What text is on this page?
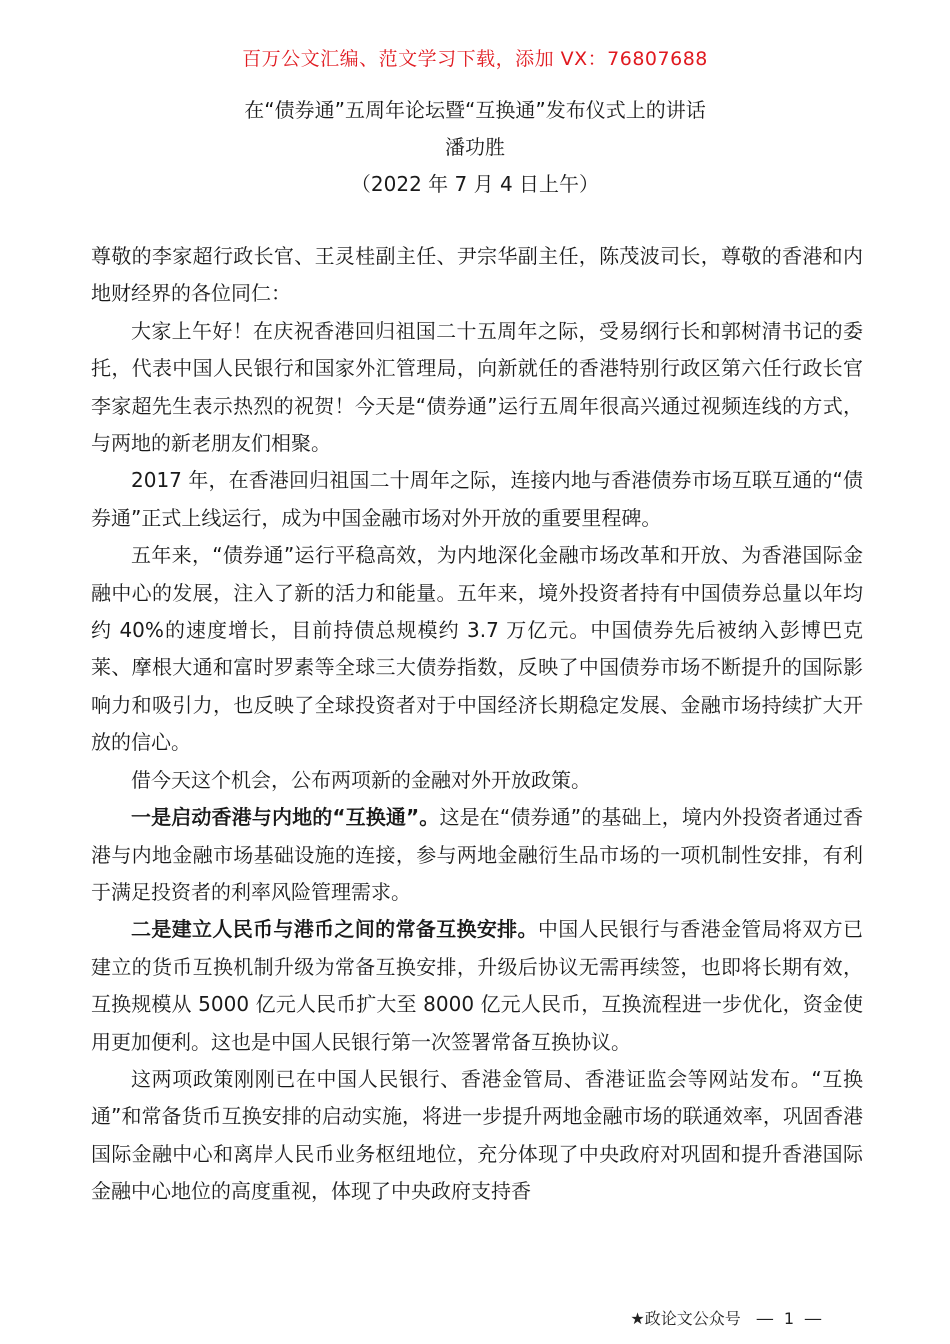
百万公文汇编、范文学习下载，添加 VX：76807688
在“债券通”五周年论坛暨“互换通”发布仪式上的讲话
潘功胜
（2022 年 7 月 4 日上午）

尊敬的李家超行政长官、王灵桂副主任、尹宗华副主任，陈茂波司长，尊敬的香港和内地财经界的各位同仁：

大家上午好！在庆祝香港回归祖国二十五周年之际，受易纲行长和郭树清书记的委托，代表中国人民银行和国家外汇管理局，向新就任的香港特别行政区第六任行政长官李家超先生表示热烈的祝贺！今天是“债券通”运行五周年很高兴通过视频连线的方式，与两地的新老朋友们相聚。

2017 年，在香港回归祖国二十周年之际，连接内地与香港债券市场互联互通的“债券通”正式上线运行，成为中国金融市场对外开放的重要里程碑。

五年来，“债券通”运行平稳高效，为内地深化金融市场改革和开放、为香港国际金融中心的发展，注入了新的活力和能量。五年来，境外投资者持有中国债券总量以年均约 40%的速度增长，目前持债总规模约 3.7 万亿元。中国债券先后被纳入彭博巴克莱、摩根大通和富时罗素等全球三大债券指数，反映了中国债券市场不断提升的国际影响力和吸引力，也反映了全球投资者对于中国经济长期稳定发展、金融市场持续扩大开放的信心。

借今天这个机会，公布两项新的金融对外开放政策。

一是启动香港与内地的“互换通”。这是在“债券通”的基础上，境内外投资者通过香港与内地金融市场基础设施的连接，参与两地金融衍生品市场的一项机制性安排，有利于满足投资者的利率风险管理需求。

二是建立人民币与港币之间的常备互换安排。中国人民银行与香港金管局将双方已建立的货币互换机制升级为常备互换安排，升级后协议无需再续签，也即将长期有效，互换规模从 5000 亿元人民币扩大至 8000 亿元人民币，互换流程进一步优化，资金使用更加便利。这也是中国人民银行第一次签署常备互换协议。

这两项政策刚刚已在中国人民银行、香港金管局、香港证监会等网站发布。“互换通”和常备货币互换安排的启动实施，将进一步提升两地金融市场的联通效率，巩固香港国际金融中心和离岸人民币业务枢纽地位，充分体现了中央政府对巩固和提升香港国际金融中心地位的高度重视，体现了中央政府支持香

★政论文公众号 — 1 —
